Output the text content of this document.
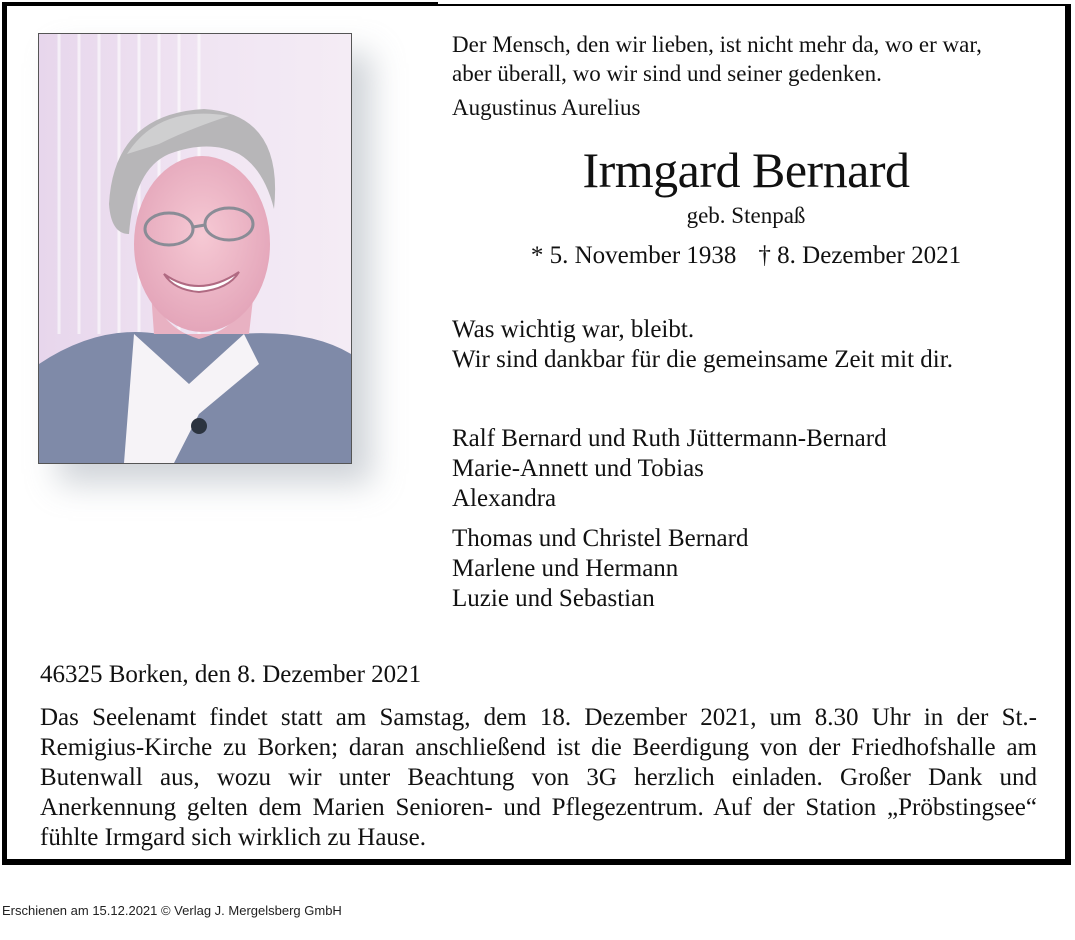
Der Mensch, den wir lieben, ist nicht mehr da, wo er war,
aber überall, wo wir sind und seiner gedenken.
Augustinus Aurelius
Irmgard Bernard
geb. Stenpaß
* 5. November 1938 † 8. Dezember 2021
Was wichtig war, bleibt.
Wir sind dankbar für die gemeinsame Zeit mit dir.
Ralf Bernard und Ruth Jüttermann-Bernard
Marie-Annett und Tobias
Alexandra
Thomas und Christel Bernard
Marlene und Hermann
Luzie und Sebastian
46325 Borken, den 8. Dezember 2021
Das Seelenamt findet statt am Samstag, dem 18. Dezember 2021, um 8.30 Uhr in der St.-Remigius-Kirche zu Borken; daran anschließend ist die Beerdigung von der Friedhofshalle am Butenwall aus, wozu wir unter Beachtung von 3G herzlich einladen. Großer Dank und Anerkennung gelten dem Marien Senioren- und Pflegezentrum. Auf der Station „Pröbstingsee“ fühlte Irmgard sich wirklich zu Hause.
Erschienen am 15.12.2021 © Verlag J. Mergelsberg GmbH
